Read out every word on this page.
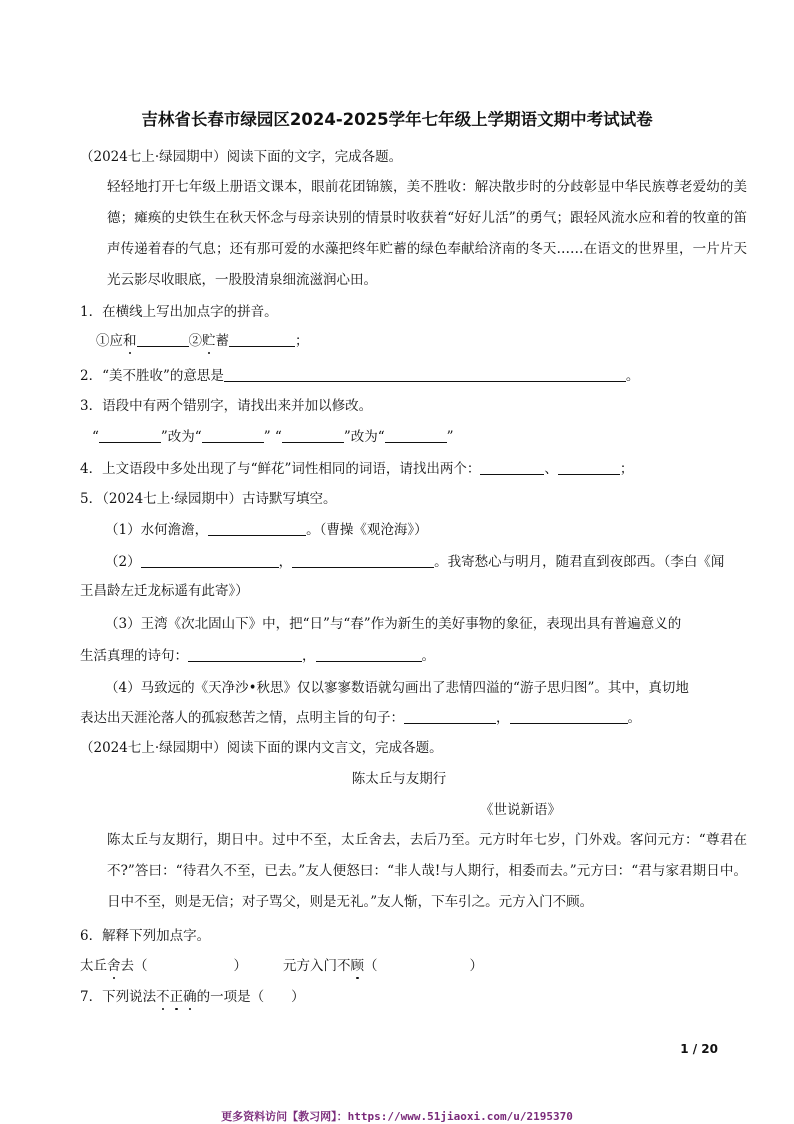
吉林省长春市绿园区2024-2025学年七年级上学期语文期中考试试卷
（2024七上·绿园期中）阅读下面的文字，完成各题。
轻轻地打开七年级上册语文课本，眼前花团锦簇，美不胜收：解决散步时的分歧彰显中华民族尊老爱幼的美德；瘫痪的史铁生在秋天怀念与母亲诀别的情景时收获着“好好儿活”的勇气；跟轻风流水应和着的牧童的笛声传递着春的气息；还有那可爱的水藻把终年贮蓄的绿色奉献给济南的冬天……在语文的世界里，一片片天光云影尽收眼底，一股股清泉细流滋润心田。
1．在横线上写出加点字的拼音。
①应和	②贮蓄	；
2．“美不胜收”的意思是	。
3．语段中有两个错别字，请找出来并加以修改。
“	”改为“	” “	”改为“	”
4．上文语段中多处出现了与“鲜花”词性相同的词语，请找出两个：	、	；
5．（2024七上·绿园期中）古诗默写填空。
（1）水何澹澹，	。（曹操《观沧海》）
（2）	，	。我寄愁心与明月，随君直到夜郎西。（李白《闻
王昌龄左迁龙标遥有此寄》）
（3）王湾《次北固山下》中，把“日”与“春”作为新生的美好事物的象征，表现出具有普遍意义的
生活真理的诗句：	，	。
（4）马致远的《天净沙•秋思》仅以寥寥数语就勾画出了悲情四溢的“游子思归图”。其中，真切地
表达出天涯沦落人的孤寂愁苦之情，点明主旨的句子：	，	。
（2024七上·绿园期中）阅读下面的课内文言文，完成各题。
陈太丘与友期行
《世说新语》
陈太丘与友期行，期日中。过中不至，太丘舍去，去后乃至。元方时年七岁，门外戏。客问元方：“尊君在不?”答曰：“待君久不至，已去。”友人便怒曰：“非人哉!与人期行，相委而去。”元方曰：“君与家君期日中。日中不至，则是无信；对子骂父，则是无礼。”友人惭，下车引之。元方入门不顾。
6．解释下列加点字。
太丘舍去（	）	元方入门不顾（	）
7．下列说法不正确的一项是（　　）
1 / 20
更多资料访问【教习网】：https://www.51jiaoxi.com/u/2195370
